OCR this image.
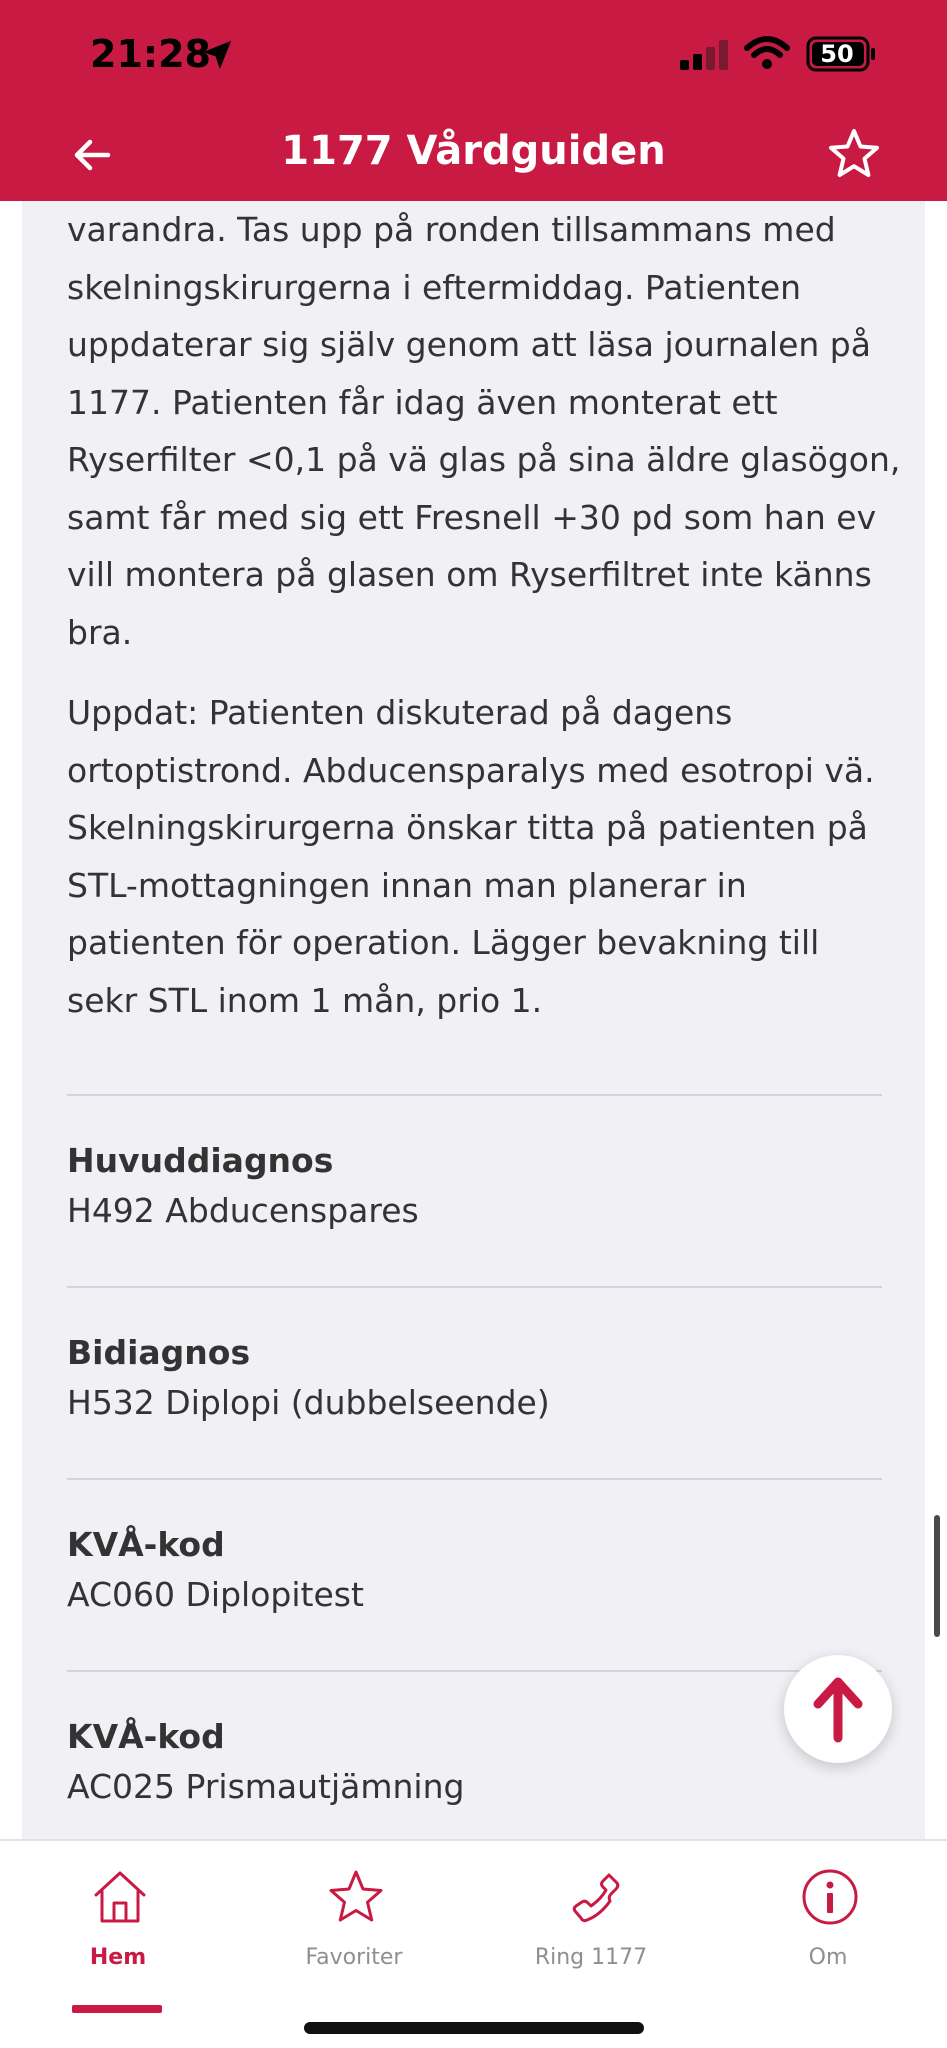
21:28	50
1177 Vårdguiden
varandra. Tas upp på ronden tillsammans med
skelningskirurgerna i eftermiddag. Patienten
uppdaterar sig själv genom att läsa journalen på
1177. Patienten får idag även monterat ett
Ryserfilter <0,1 på vä glas på sina äldre glasögon,
samt får med sig ett Fresnell +30 pd som han ev
vill montera på glasen om Ryserfiltret inte känns
bra.
Uppdat: Patienten diskuterad på dagens
ortoptistrond. Abducensparalys med esotropi vä.
Skelningskirurgerna önskar titta på patienten på
STL-mottagningen innan man planerar in
patienten för operation. Lägger bevakning till
sekr STL inom 1 mån, prio 1.
Huvuddiagnos
H492 Abducenspares
Bidiagnos
H532 Diplopi (dubbelseende)
KVÅ-kod
AC060 Diplopitest
KVÅ-kod
AC025 Prismautjämning
Hem	Favoriter	Ring 1177	Om
